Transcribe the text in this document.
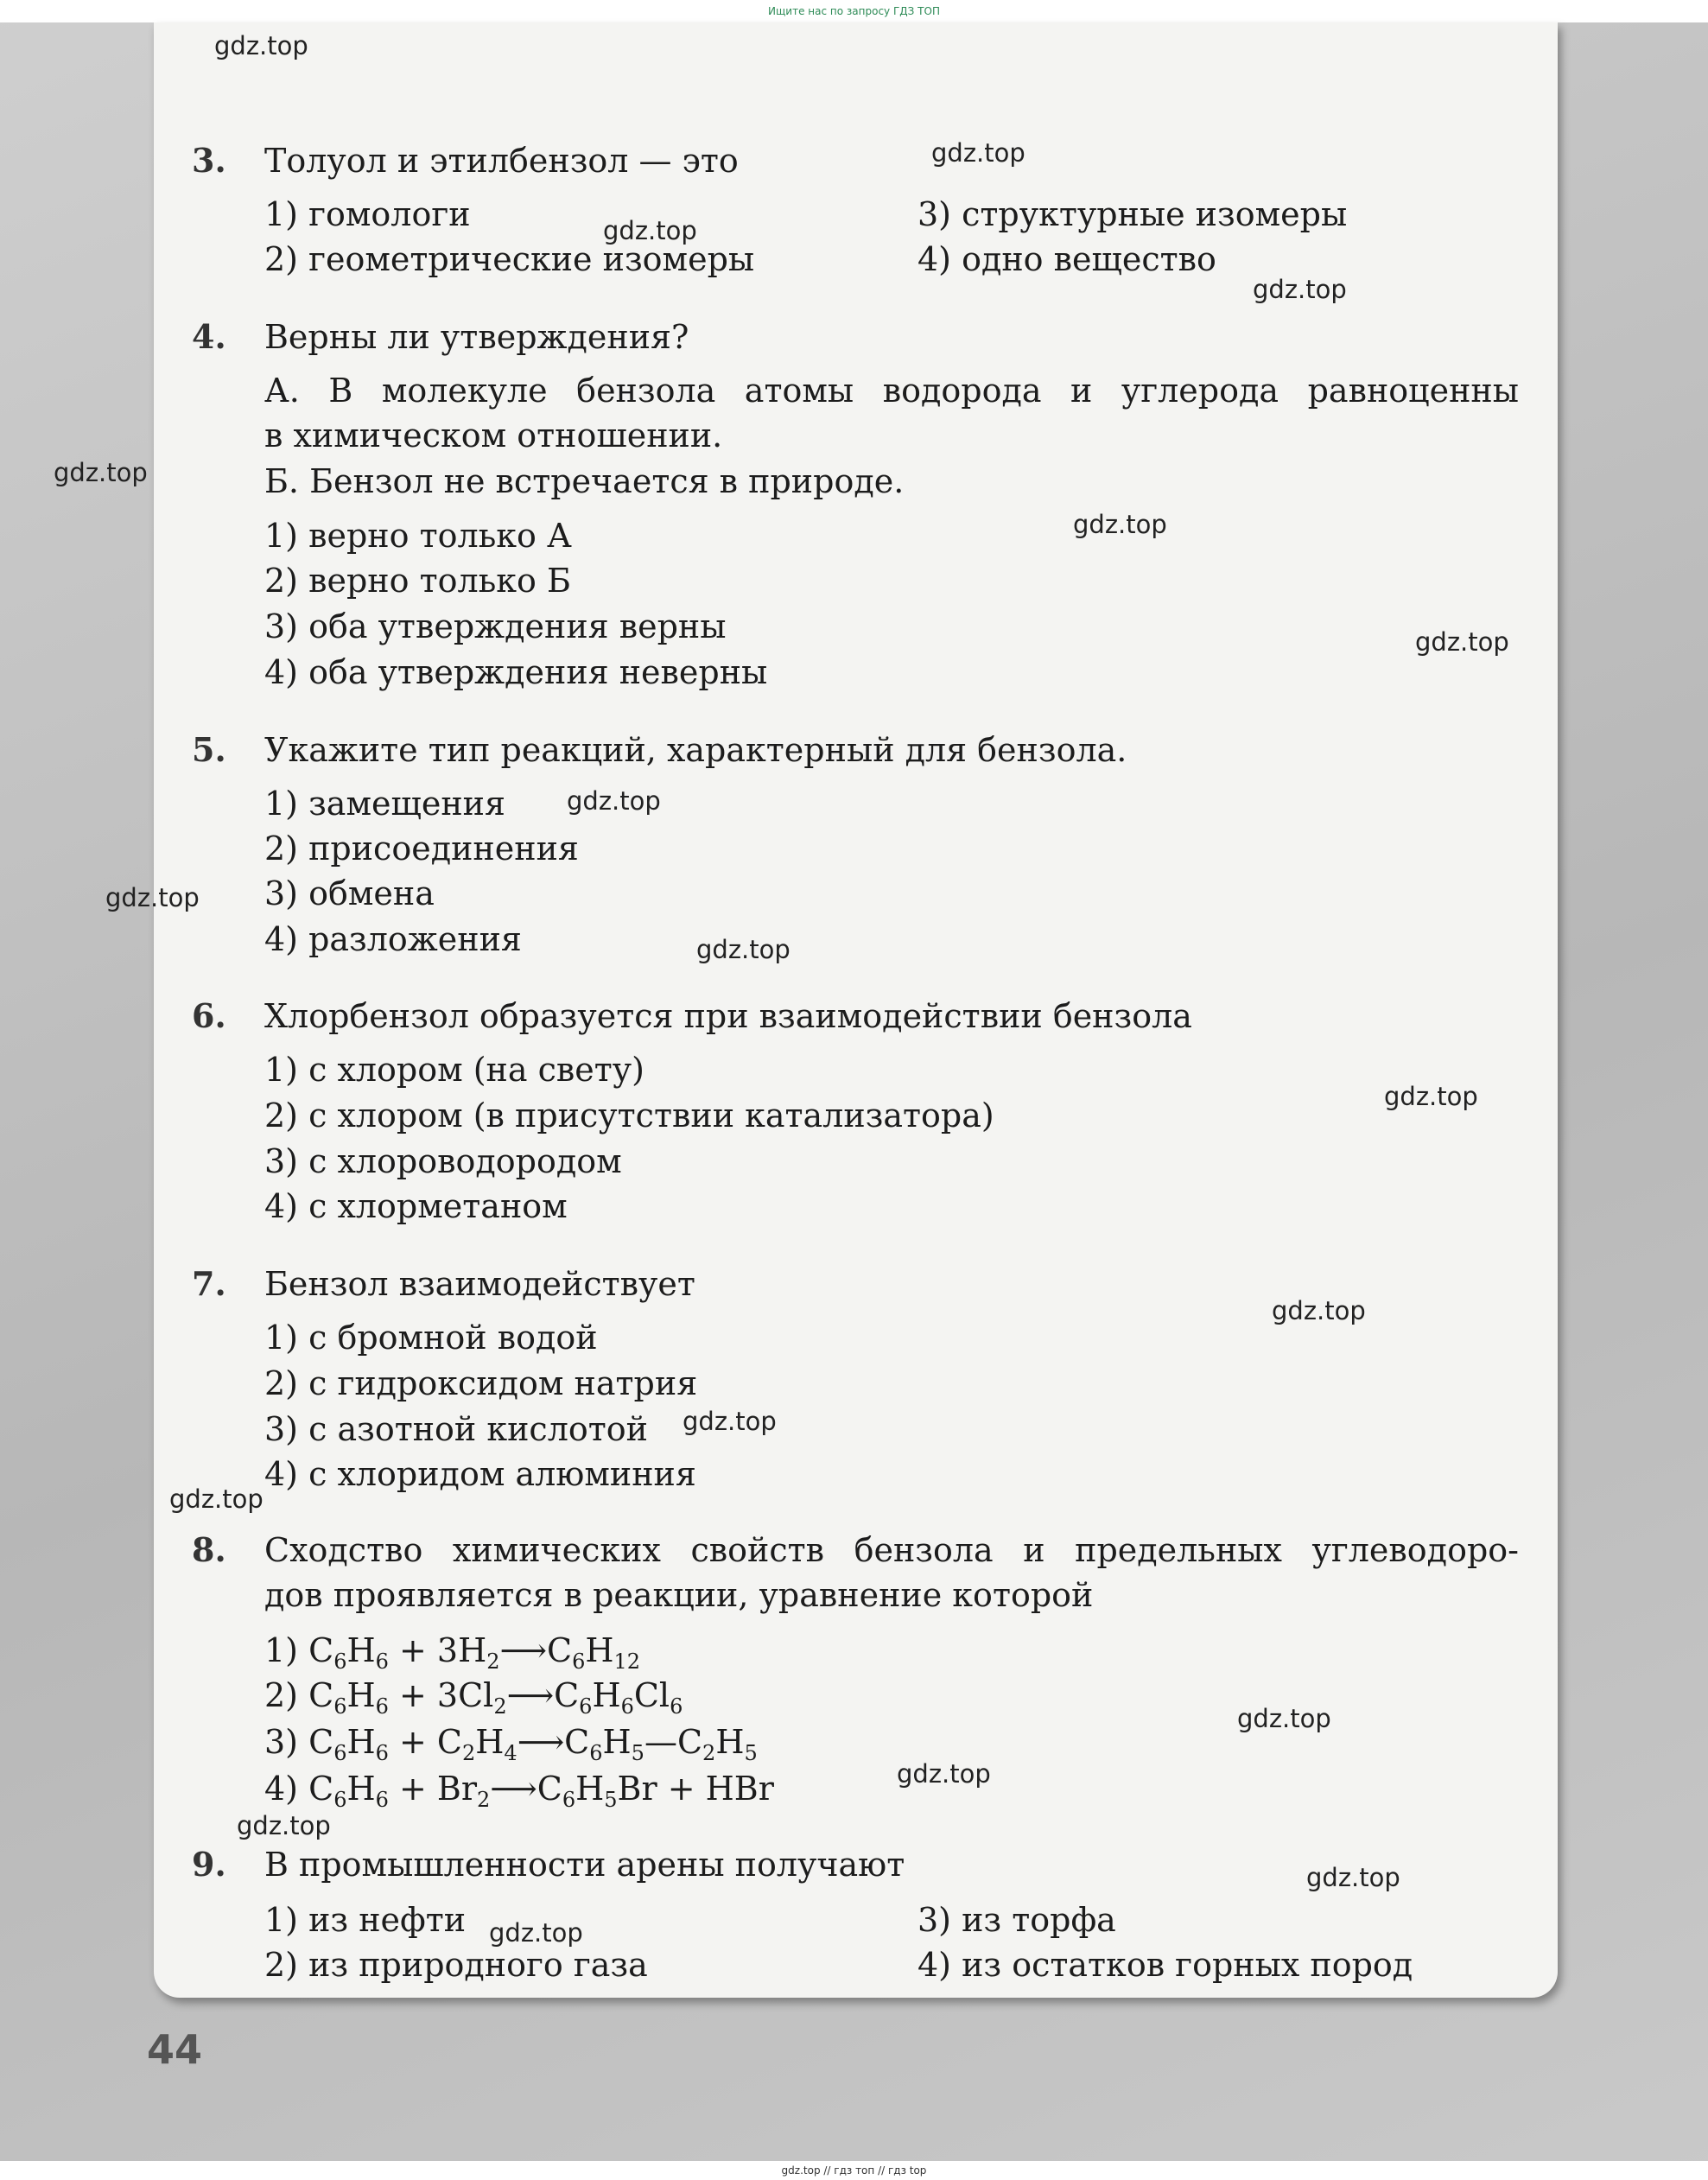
Ищите нас по запросу ГДЗ ТОП
3. Толуол и этилбензол — это
1) гомологи	3) структурные изомеры
2) геометрические изомеры	4) одно вещество
4. Верны ли утверждения?
А. В молекуле бензола атомы водорода и углерода равноценны
в химическом отношении.
Б. Бензол не встречается в природе.
1) верно только А
2) верно только Б
3) оба утверждения верны
4) оба утверждения неверны
5. Укажите тип реакций, характерный для бензола.
1) замещения
2) присоединения
3) обмена
4) разложения
6. Хлорбензол образуется при взаимодействии бензола
1) с хлором (на свету)
2) с хлором (в присутствии катализатора)
3) с хлороводородом
4) с хлорметаном
7. Бензол взаимодействует
1) с бромной водой
2) с гидроксидом натрия
3) с азотной кислотой
4) с хлоридом алюминия
8. Сходство химических свойств бензола и предельных углеводоро-
дов проявляется в реакции, уравнение которой
1) $C_6H_6$ + $3H_2⟶C_6H_{12}$
2) $C_6H_6$ + $3Cl_2⟶C_6H_6Cl_6$
3) $C_6H_6$ + $C_2H_4⟶C_6H_5—C_2H_5$
4) $C_6H_6$ + $Br_2⟶C_6H_5Br$ + HBr
9. В промышленности арены получают
1) из нефти	3) из торфа
2) из природного газа	4) из остатков горных пород
44
gdz.top
gdz.top
gdz.top
gdz.top
gdz.top
gdz.top
gdz.top
gdz.top
gdz.top
gdz.top
gdz.top
gdz.top
gdz.top
gdz.top
gdz.top
gdz.top
gdz.top
gdz.top
gdz.top
gdz.top // гдз топ // гдз top
